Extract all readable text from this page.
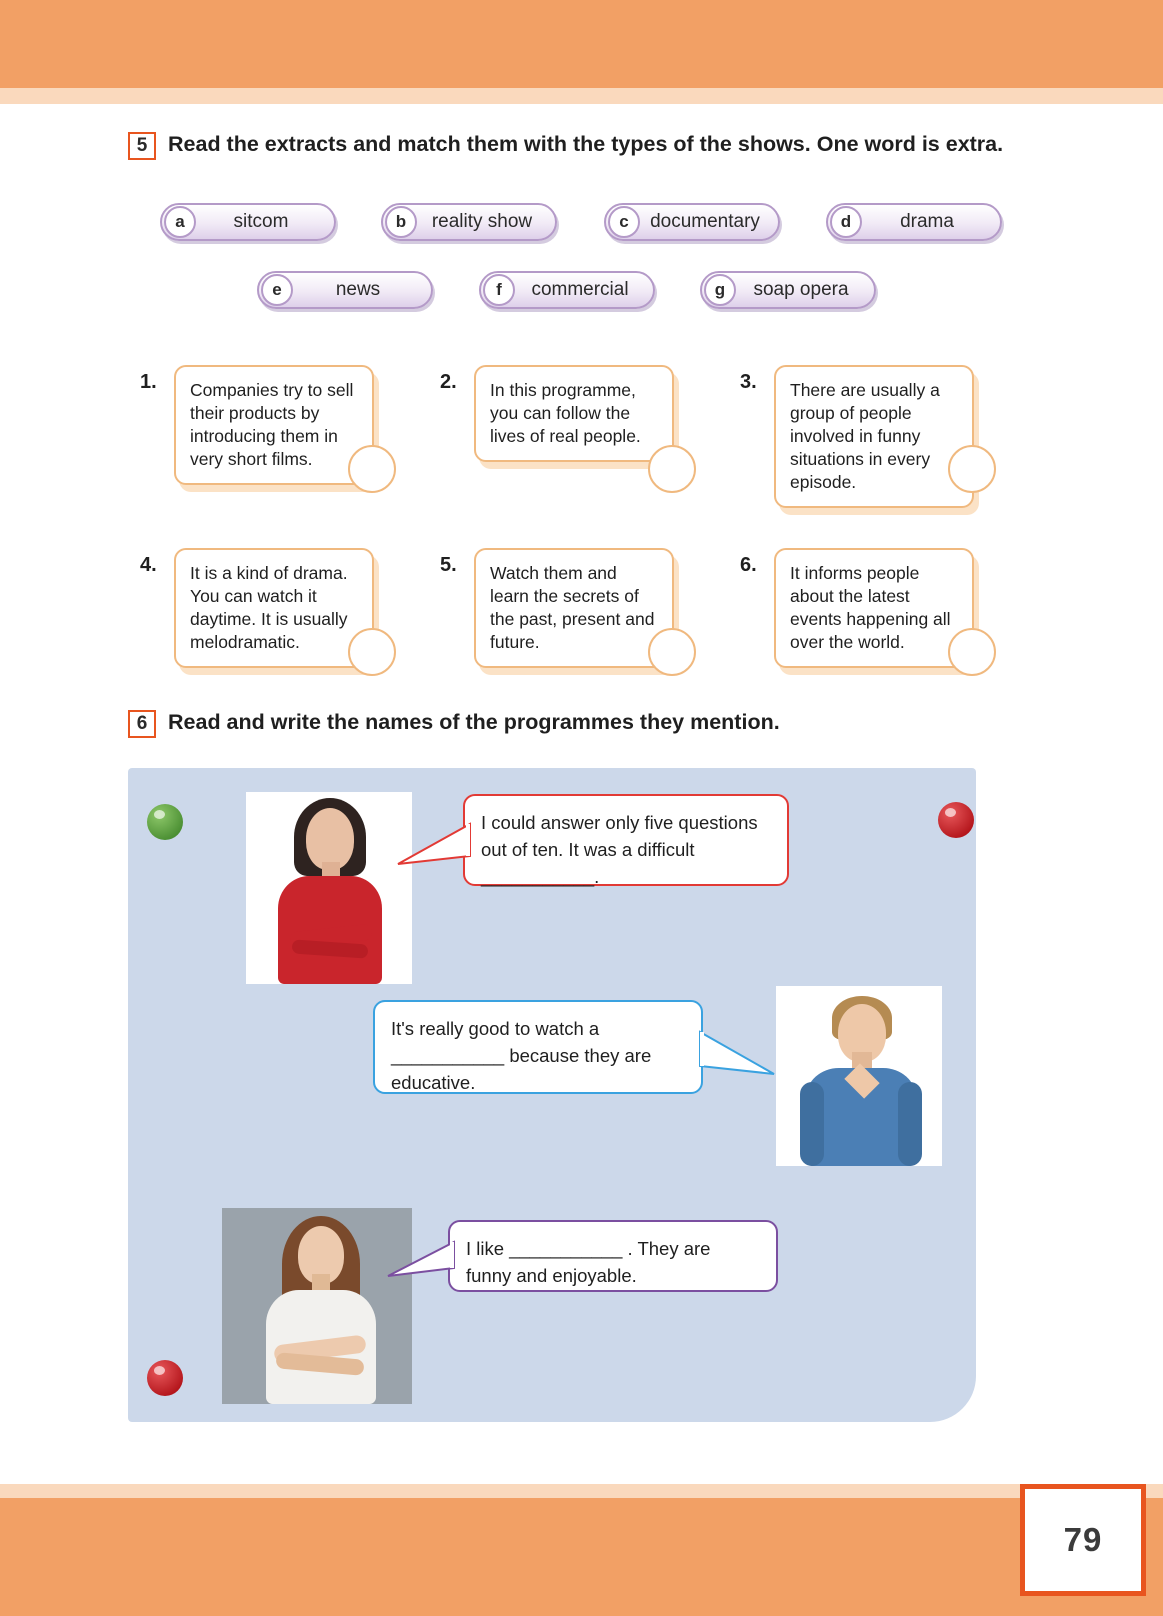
79
5 Read the extracts and match them with the types of the shows. One word is extra.
a	sitcom	b	reality show	c	documentary	d	drama
e	news	f	commercial	g	soap opera
1.	Companies try to sell their products by introducing them in very short films.
2.	In this programme, you can follow the lives of real people.
3.	There are usually a group of people involved in funny situations in every episode.
4.	It is a kind of drama. You can watch it daytime. It is usually melodramatic.
5.	Watch them and learn the secrets of the past, present and future.
6.	It informs people about the latest events happening all over the world.
6 Read and write the names of the programmes they mention.
I could answer only five questions out of ten. It was a difficult ___________.
It's really good to watch a ___________ because they are educative.
I like ___________ . They are funny and enjoyable.
